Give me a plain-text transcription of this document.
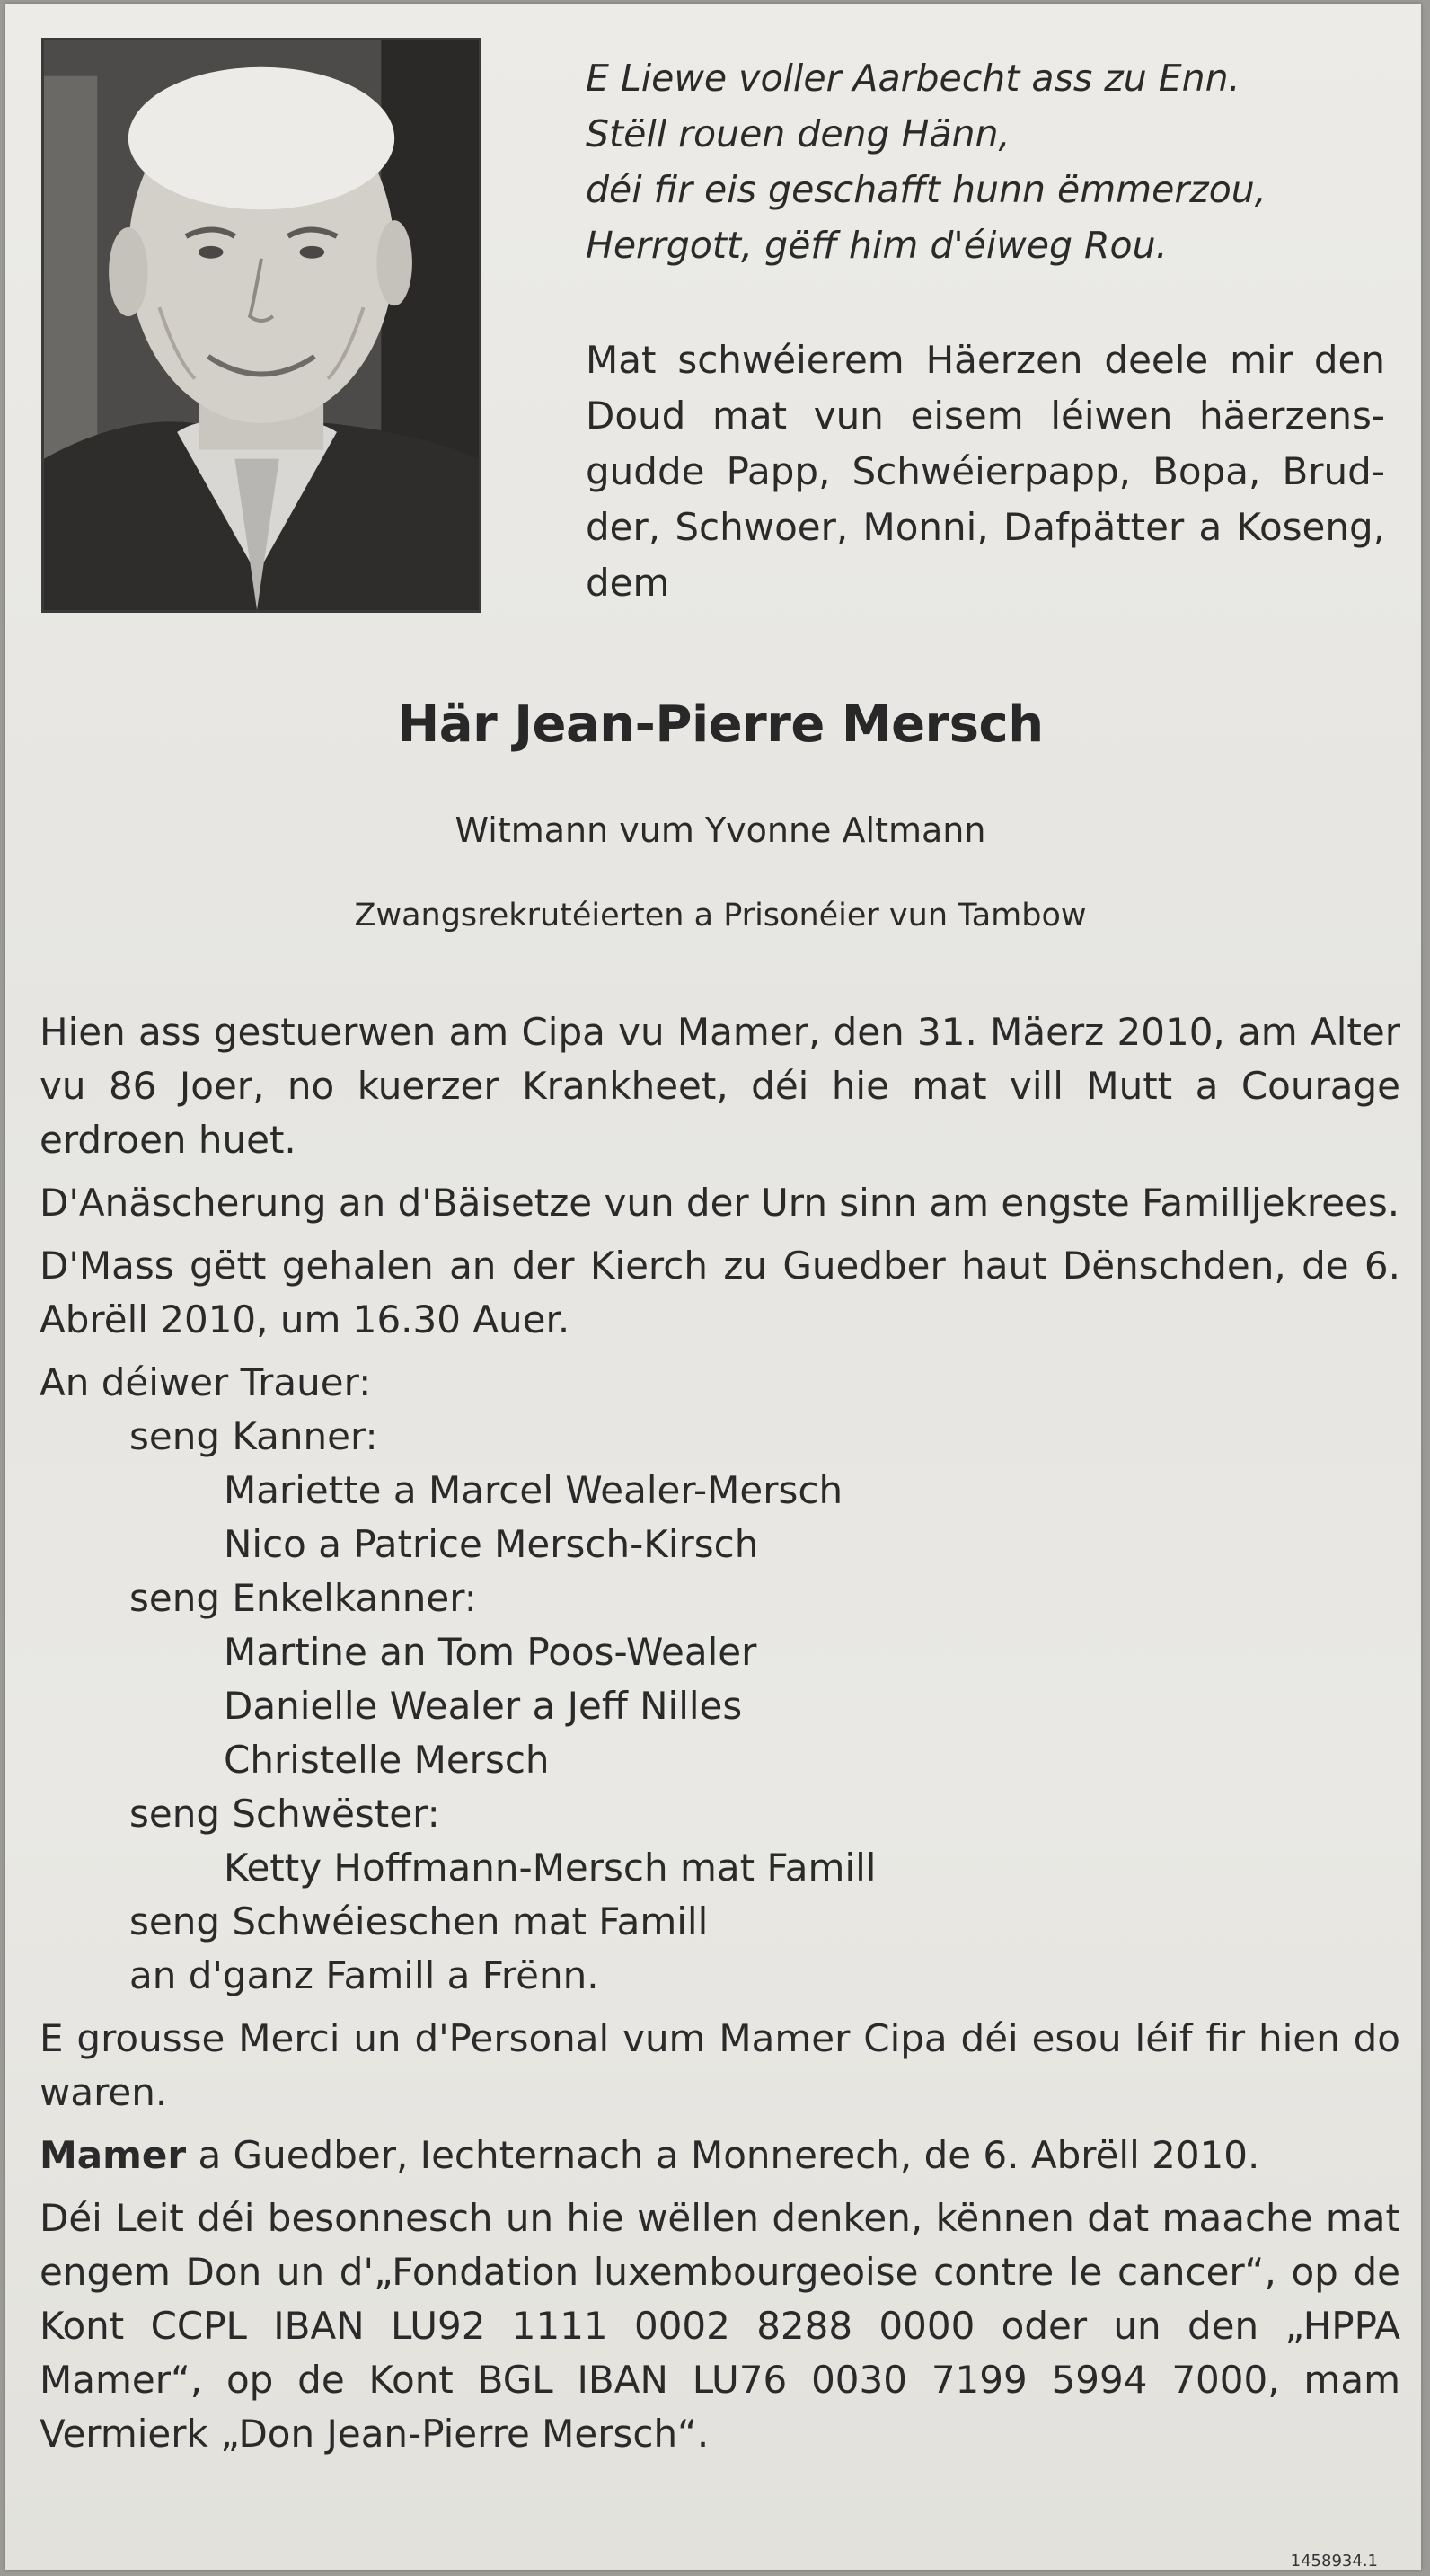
E Liewe voller Aarbecht ass zu Enn.
Stëll rouen deng Hänn,
déi fir eis geschafft hunn ëmmerzou,
Herrgott, gëff him d'éiweg Rou.

Mat schwéierem Häerzen deele mir den Doud mat vun eisem léiwen häerzensgudde Papp, Schwéierpapp, Bopa, Brudder, Schwoer, Monni, Dafpätter a Koseng, dem

Här Jean-Pierre Mersch
Witmann vum Yvonne Altmann
Zwangsrekrutéierten a Prisonéier vun Tambow

Hien ass gestuerwen am Cipa vu Mamer, den 31. Mäerz 2010, am Alter vu 86 Joer, no kuerzer Krankheet, déi hie mat vill Mutt a Courage erdroen huet.

D'Anäscherung an d'Bäisetze vun der Urn sinn am engste Familljekrees.

D'Mass gëtt gehalen an der Kierch zu Guedber haut Dënschden, de 6. Abrëll 2010, um 16.30 Auer.

An déiwer Trauer:
seng Kanner:
Mariette a Marcel Wealer-Mersch
Nico a Patrice Mersch-Kirsch
seng Enkelkanner:
Martine an Tom Poos-Wealer
Danielle Wealer a Jeff Nilles
Christelle Mersch
seng Schwëster:
Ketty Hoffmann-Mersch mat Famill
seng Schwéieschen mat Famill
an d'ganz Famill a Frënn.

E grousse Merci un d'Personal vum Mamer Cipa déi esou léif fir hien do waren.

Mamer a Guedber, Iechternach a Monnerech, de 6. Abrëll 2010.

Déi Leit déi besonnesch un hie wëllen denken, kënnen dat maache mat engem Don un d'„Fondation luxembourgeoise contre le cancer“, op de Kont CCPL IBAN LU92 1111 0002 8288 0000 oder un den „HPPA Mamer“, op de Kont BGL IBAN LU76 0030 7199 5994 7000, mam Vermierk „Don Jean-Pierre Mersch“.

1458934.1
